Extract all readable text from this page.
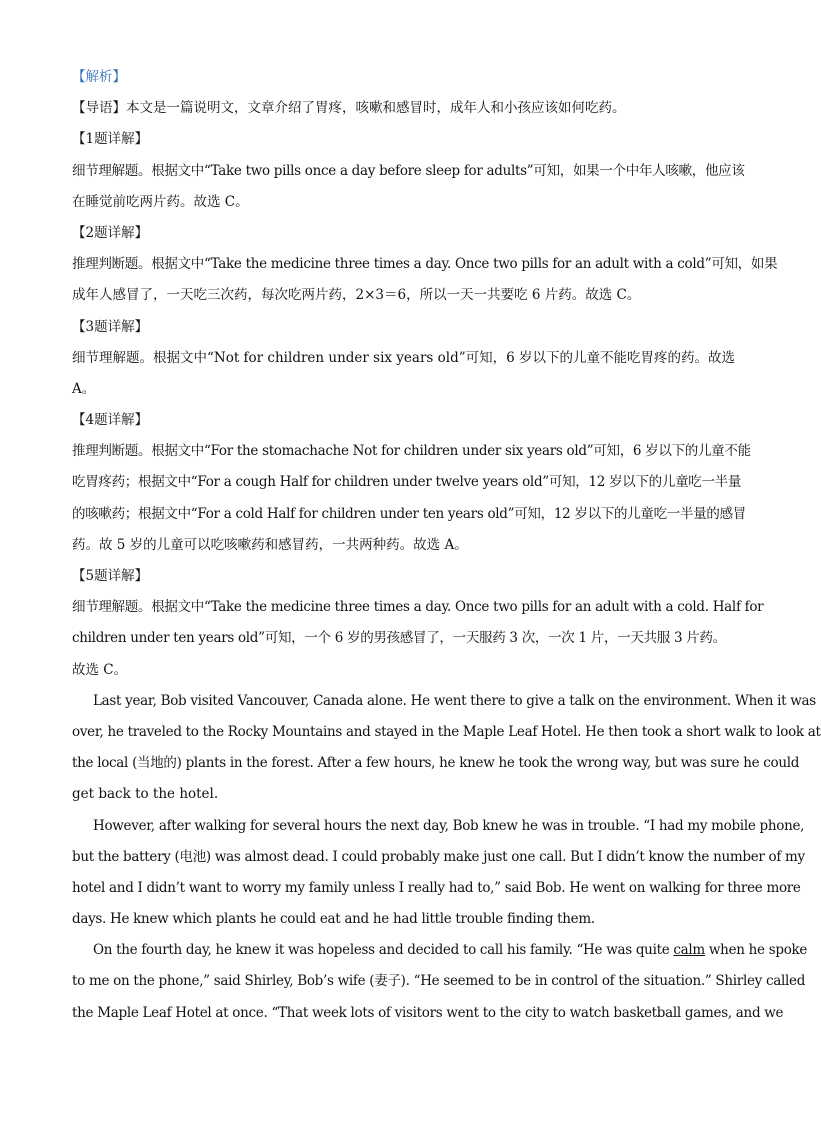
【解析】
【导语】本文是一篇说明文，文章介绍了胃疼，咳嗽和感冒时，成年人和小孩应该如何吃药。
【1题详解】
细节理解题。根据文中“Take two pills once a day before sleep for adults”可知，如果一个中年人咳嗽，他应该
在睡觉前吃两片药。故选 C。
【2题详解】
推理判断题。根据文中“Take the medicine three times a day. Once two pills for an adult with a cold”可知，如果
成年人感冒了，一天吃三次药，每次吃两片药，2×3＝6，所以一天一共要吃 6 片药。故选 C。
【3题详解】
细节理解题。根据文中“Not for children under six years old”可知，6 岁以下的儿童不能吃胃疼的药。故选
A。
【4题详解】
推理判断题。根据文中“For the stomachache Not for children under six years old”可知，6 岁以下的儿童不能
吃胃疼药；根据文中“For a cough Half for children under twelve years old”可知，12 岁以下的儿童吃一半量
的咳嗽药；根据文中“For a cold Half for children under ten years old”可知，12 岁以下的儿童吃一半量的感冒
药。故 5 岁的儿童可以吃咳嗽药和感冒药，一共两种药。故选 A。
【5题详解】
细节理解题。根据文中“Take the medicine three times a day. Once two pills for an adult with a cold. Half for
children under ten years old”可知，一个 6 岁的男孩感冒了，一天服药 3 次，一次 1 片，一天共服 3 片药。
故选 C。
Last year, Bob visited Vancouver, Canada alone. He went there to give a talk on the environment. When it was
over, he traveled to the Rocky Mountains and stayed in the Maple Leaf Hotel. He then took a short walk to look at
the local (当地的) plants in the forest. After a few hours, he knew he took the wrong way, but was sure he could
get back to the hotel.
However, after walking for several hours the next day, Bob knew he was in trouble. “I had my mobile phone,
but the battery (电池) was almost dead. I could probably make just one call. But I didn’t know the number of my
hotel and I didn’t want to worry my family unless I really had to,” said Bob. He went on walking for three more
days. He knew which plants he could eat and he had little trouble finding them.
On the fourth day, he knew it was hopeless and decided to call his family. “He was quite calm when he spoke
to me on the phone,” said Shirley, Bob’s wife (妻子). “He seemed to be in control of the situation.” Shirley called
the Maple Leaf Hotel at once. “That week lots of visitors went to the city to watch basketball games, and we
